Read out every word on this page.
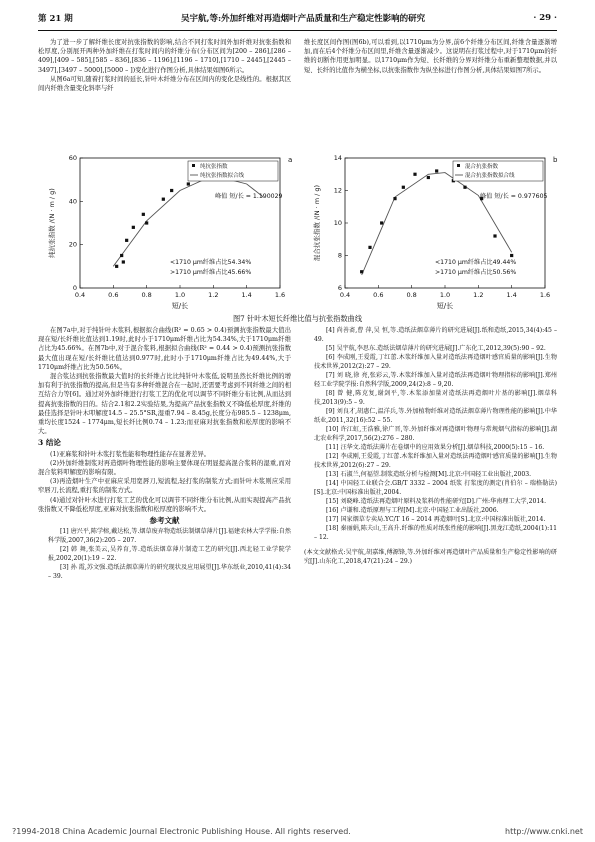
第 21 期	吴宇航,等:外加纤维对再造烟叶产品质量和生产稳定性影响的研究	· 29 ·

为了进一步了解纤维长度对抗张指数的影响,结合不同打浆时间外加纤维对抗张指数和松厚度,分别展开两种外加纤维在打浆时间内的纤维分布(分布区间为[200 – 286],[286 – 409],[409 – 585],[585 – 836],[836 – 1196],[1196 – 1710],[1710 – 2445],[2445 – 3497],[3497 – 5000],[5000 – ])变化进行作图分析,具体结果如图6所示。

从图6a可知,随着打浆时间的延长,针叶木纤维分布在区间内的变化是线性的。根据其区间内纤维含量变化斜率与纤

维长度区间作图(图6b),可以看到,以1710μm为分界,前6个纤维分布区间,纤维含量逐渐增加,而在后4个纤维分布区间里,纤维含量逐渐减少。这说明在打浆过程中,对于1710μm的纤维的切断作用更加明显。以1710μm作为短、长纤维的分界对纤维分布重新整理数据,并以短、长纤的比值作为横坐标,以抗张指数作为纵坐标进行作图分析,具体结果如图7所示。

0.4	0.6	0.8	1.0	1.2	1.4	1.6
0
20
40
60
短/长
纯抗张指数 /(N · m / g)
纯抗张指数
纯抗张指数拟合线
峰值 短/长 = 1.190029
<1710 μm纤维占比54.34%
>1710 μm纤维占比45.66%
a
0.4	0.6	0.8	1.0	1.2	1.4	1.6
6
8
10
12
14
短/长
混合抗张指数 /(N · m / g)
混合抗张指数
混合抗张指数拟合线
峰值 短/长 = 0.977605
<1710 μm纤维占比49.44%
>1710 μm纤维占比50.56%
b
图7 针叶木短长纤维比值与抗张指数曲线

在图7a中,对于纯针叶木浆料,根据拟合曲线(R² = 0.65 > 0.4)预测抗张指数最大值出现在短/长纤维比值达到1.19时,此时小于1710μm纤维占比为54.34%,大于1710μm纤维占比为45.66%。在图7b中,对于混合浆料,根据拟合曲线(R² = 0.44 > 0.4)预测抗张指数最大值出现在短/长纤维比值达到0.977时,此时小于1710μm纤维占比为49.44%,大于1710μm纤维占比为50.56%。

混合浆达到抗张指数最大值时的长纤维占比比纯针叶木浆低,说明虽然长纤维比例的增加有利于抗张指数的提高,但是当有多种纤维混合在一起时,还需要考虑到不同纤维之间的相互结合力等[6]。通过对外加纤维进行打浆工艺的优化可以调节不同纤维分布比例,从而达到提高抗张指数的目的。结合2.1和2.2实验结果,为提高产品抗张指数又不降低松厚度,纤维的最佳选择是针叶木叩解度14.5 – 25.5°SR,湿重7.94 – 8.45g,长度分布985.5 – 1238μm,重均长度1524 – 1774μm,短长纤比例0.74 – 1.23;而亚麻对抗张指数和松厚度的影响不大。

3 结论

(1)亚麻浆和针叶木浆打浆性能和物理性能存在显著差异。

(2)外加纤维制浆对再造烟叶物理性能的影响主要体现在明显提高混合浆料的湿重,而对混合浆料叩解度的影响有限。

(3)再造烟叶生产中亚麻应采用宽唇刀,短流程,轻打浆的制浆方式;而针叶木浆则应采用窄唇刀,长流程,重打浆的制浆方式。

(4)通过对针叶木进行打浆工艺的优化可以调节不同纤维分布比例,从而实现提高产品抗张指数又不降低松厚度,亚麻对抗张指数和松厚度的影响不大。

参考文献

[1] 唐兴平,陈学榕,戴达松,等.烟草废弃物造纸法制烟草薄片[J].福建农林大学学报:自然科学版,2007,36(2):205 – 207.

[2] 韩 舞,张美云,吴养育,等.造纸法烟草薄片制造工艺的研究[J].西北轻工业学院学报,2002,20(1):19 – 22.

[3] 孙 霞,苏文强.造纸法烟草薄片的研究现状及应用展望[J].华东纸业,2010,41(4):34 – 39.

[4] 尚善斋,曹 萍,吴 恒,等.造纸法烟草薄片的研究进展[J].纸和造纸,2015,34(4):45 – 49.

[5] 吴宇航,李思东.造纸法烟草薄片的研究进展[J].广东化工,2012,39(5):90 – 92.

[6] 李成刚,王爱霞,丁红蕾.木浆纤维加入量对造纸法再造烟叶感官质量的影响[J].生物技术世界,2012(2):27 – 29.

[7] 刘 晓,徐 亮,张彩云,等.木浆纤维加入量对造纸法再造烟叶物理指标的影响[J].郑州轻工业学院学报:自然科学版,2009,24(2):8 – 9,20.

[8] 曾 健,陈克复,谢剑平,等.木浆添加量对造纸法再造烟叶片基的影响[J].烟草科技,2013(9):5 – 9.

[9] 刘良才,胡惠仁,温洋兵,等.外加植物纤维对造纸法烟草薄片物理性能的影响[J].中华纸业,2011,32(16):52 – 55.

[10] 许江虹,王浩雅,徐广晋,等.外加纤维对再造烟叶物理与常规烟气指标的影响[J].湖北农业科学,2017,56(2):276 – 280.

[11] 汪华文.造纸法薄片在卷烟中的应用效果分析[J].烟草科技,2000(5):15 – 16.

[12] 李成刚,王爱霞,丁红蕾.木浆纤维加入量对造纸法再造烟叶感官质量的影响[J].生物技术世界,2012(6):27 – 29.

[13] 石淑兰,何福望.制浆造纸分析与检测[M].北京:中国轻工业出版社,2003.

[14] 中国轻工业联合会.GB/T 3332 – 2004 纸浆 打浆度的测定(肖伯尔 – 瑞格勒法)[S].北京:中国标准出版社,2004.

[15] 刘晓峰.造纸法再造烟叶原料及浆料的性能研究[D].广州:华南理工大学,2014.

[16] 卢谦和.造纸原理与工程[M].北京:中国轻工业出版社,2006.

[17] 国家烟草专卖局.YC/T 16 – 2014 再造烟叶[S].北京:中国标准出版社,2014.

[18] 秦丽娟,陈夫山,王高升.纤维的性质对纸张性能的影响[J].黑龙江造纸,2004(1):11 – 12.

(本文文献格式:吴宇航,胡嘉维,傅源锋,等.外加纤维对再造烟叶产品质量和生产稳定性影响的研究[J].山东化工,2018,47(21):24 – 29.)
?1994-2018 China Academic Journal Electronic Publishing House. All rights reserved.	http://www.cnki.net
